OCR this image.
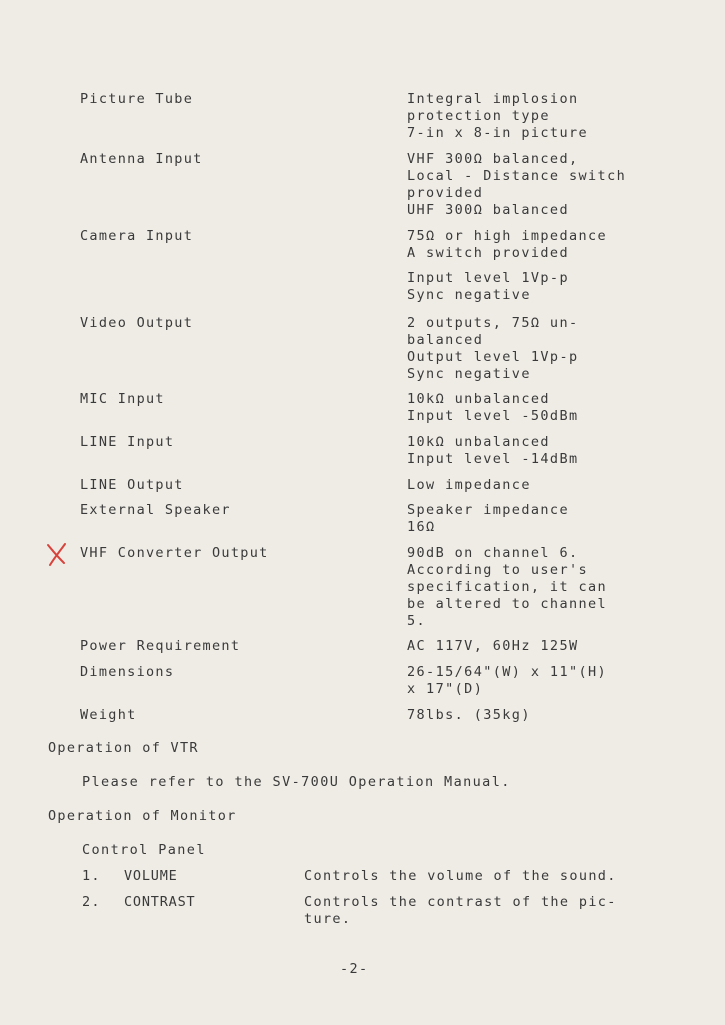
Picture Tube	Integral implosion
protection type
7-in x 8-in picture
Antenna Input	VHF 300Ω balanced,
Local - Distance switch
provided
UHF 300Ω balanced
Camera Input	75Ω or high impedance
A switch provided
Input level 1Vp-p
Sync negative
Video Output	2 outputs, 75Ω un-
balanced
Output level 1Vp-p
Sync negative
MIC Input	10kΩ unbalanced
Input level -50dBm
LINE Input	10kΩ unbalanced
Input level -14dBm
LINE Output	Low impedance
External Speaker	Speaker impedance
16Ω
VHF Converter Output	90dB on channel 6.
According to user's
specification, it can
be altered to channel
5.
Power Requirement	AC 117V, 60Hz 125W
Dimensions	26-15/64"(W) x 11"(H)
x 17"(D)
Weight	78lbs. (35kg)
Operation of VTR
Please refer to the SV-700U Operation Manual.
Operation of Monitor
Control Panel
1. VOLUME	Controls the volume of the sound.
2. CONTRAST	Controls the contrast of the pic-
ture.
-2-
